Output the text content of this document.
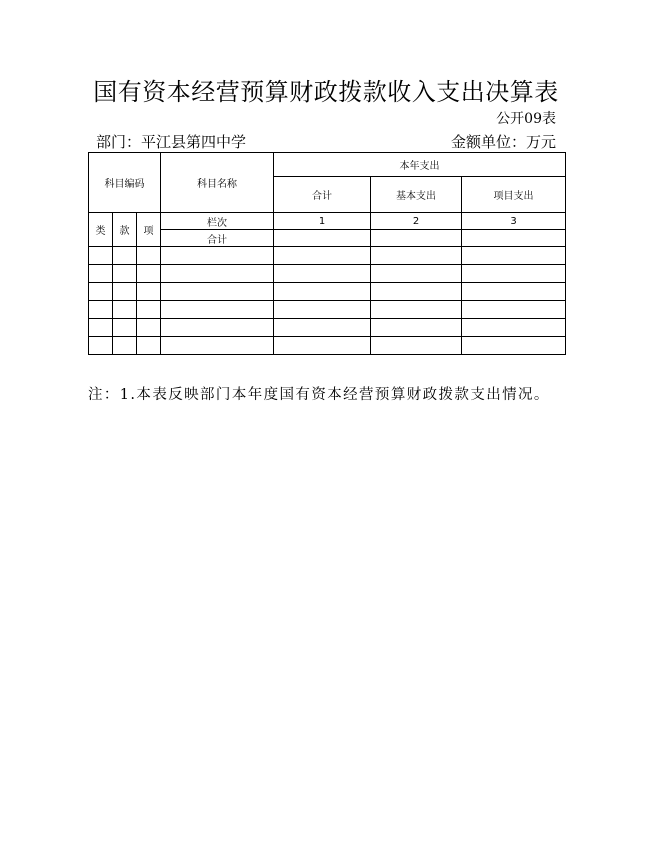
国有资本经营预算财政拨款收入支出决算表
公开09表
部门：平江县第四中学	金额单位：万元
科目编码			科目名称	本年支出		
				合计	基本支出	项目支出
类	款	项	栏次	1	2	3
			合计			

注：1.本表反映部门本年度国有资本经营预算财政拨款支出情况。
